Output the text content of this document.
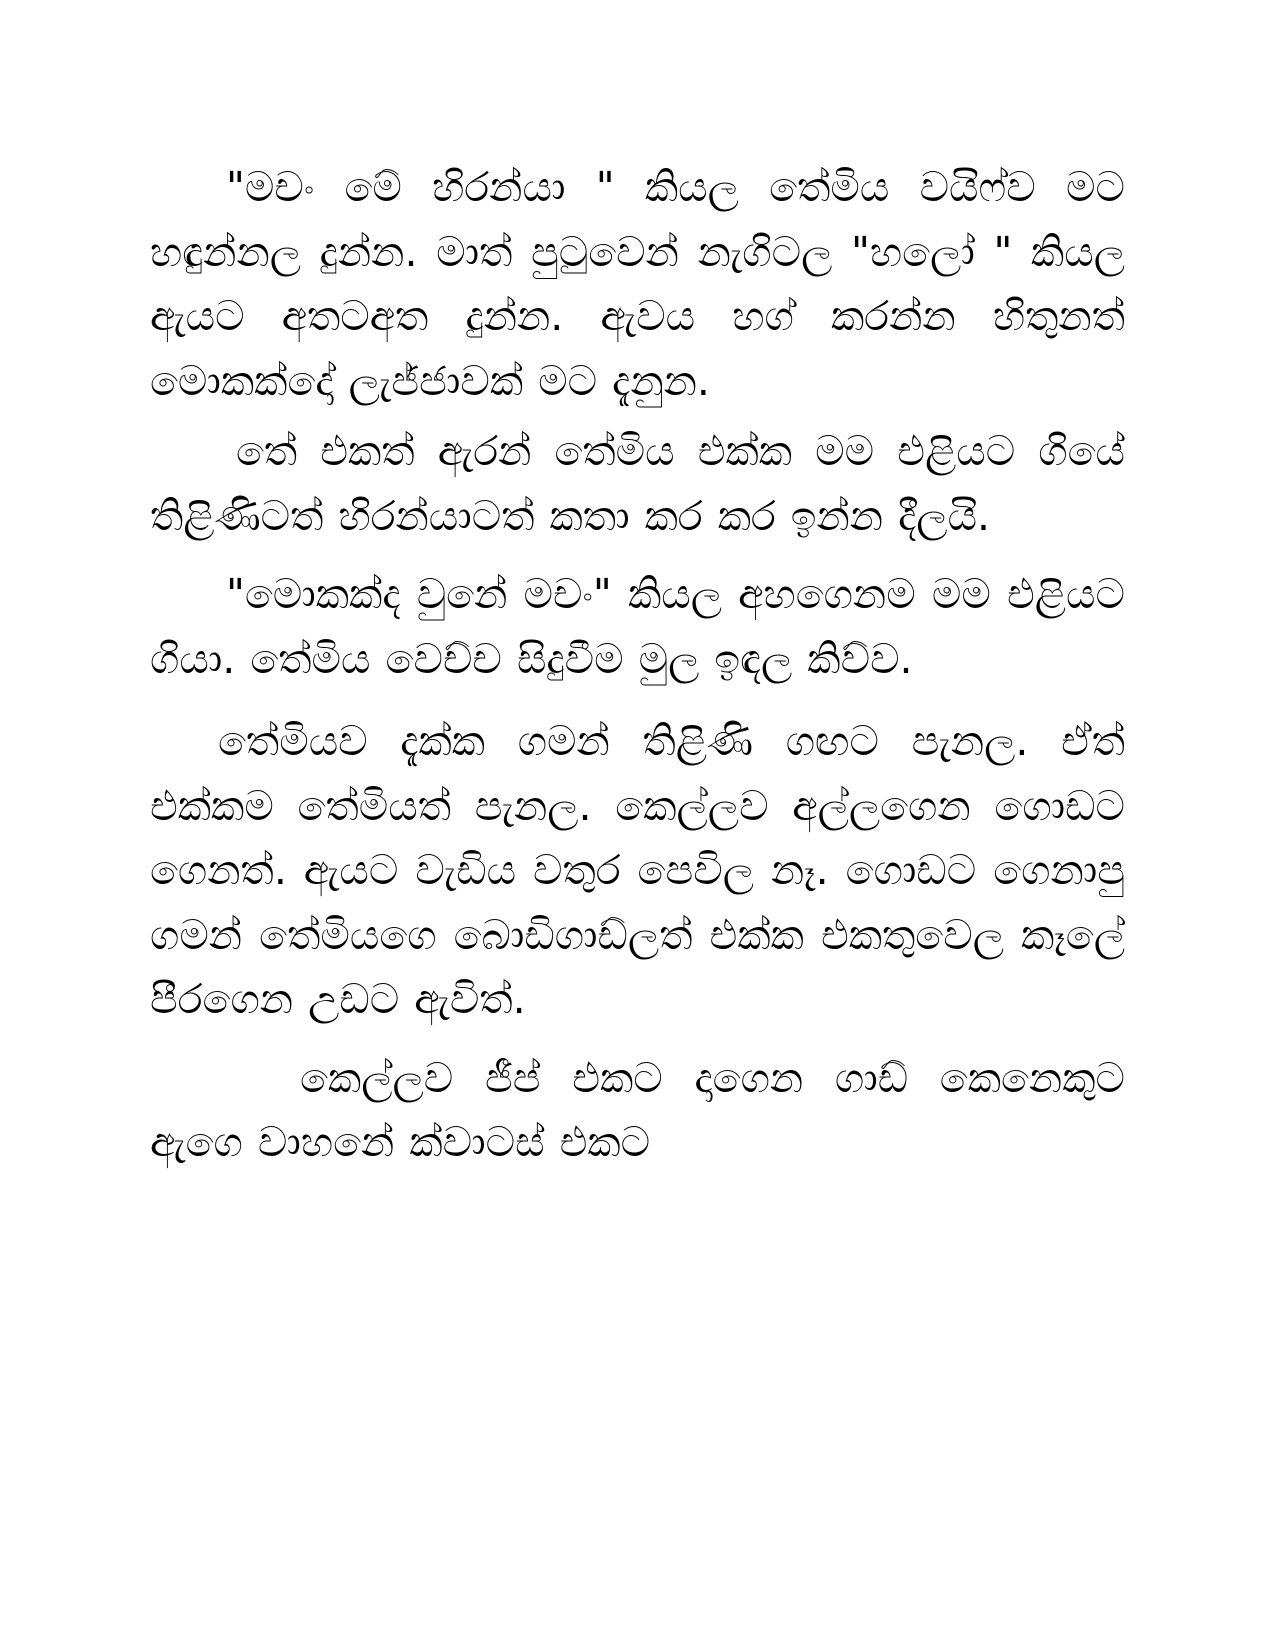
"මචං මේ හිරන්යා " කියල තේමිය වයිෆ්ව මට හඳුන්නල දුන්න. මාත් පුටුවෙන් නැගිටල "හලෝ " කියල ඇයට අතටඅත දුන්න. ඇවය හග් කරන්න හිතුනත් මොකක්දෝ ලැජ්ජාවක් මට දැනුන.

තේ එකත් ඇරන් තේමිය එක්ක මම එළියට ගියේ තිළිණිටත් හිරන්යාටත් කතා කර කර ඉන්න දීලයි.

"මොකක්ද වුනේ මචං" කියල අහගෙනම මම එළියට ගියා. තේමිය වෙච්ච සිදුවීම මුල ඉඳල කිව්ව.

තේමියව දැක්ක ගමන් තිළිණි ගඟට පැනල. ඒත් එක්කම තේමියත් පැනල. කෙල්ලව අල්ලගෙන ගොඩට ගෙනත්. ඇයට වැඩිය වතුර පෙවිල නෑ. ගොඩට ගෙනාපු ගමන් තේමියගෙ බොඩිගාඩ්ලත් එක්ක එකතුවෙල කෑලේ පීරගෙන උඩට ඇවිත්.

කෙල්ලව ජීප් එකට දාගෙන ගාඩ් කෙනෙකුට ඇගෙ වාහනේ ක්වාටස් එකට
